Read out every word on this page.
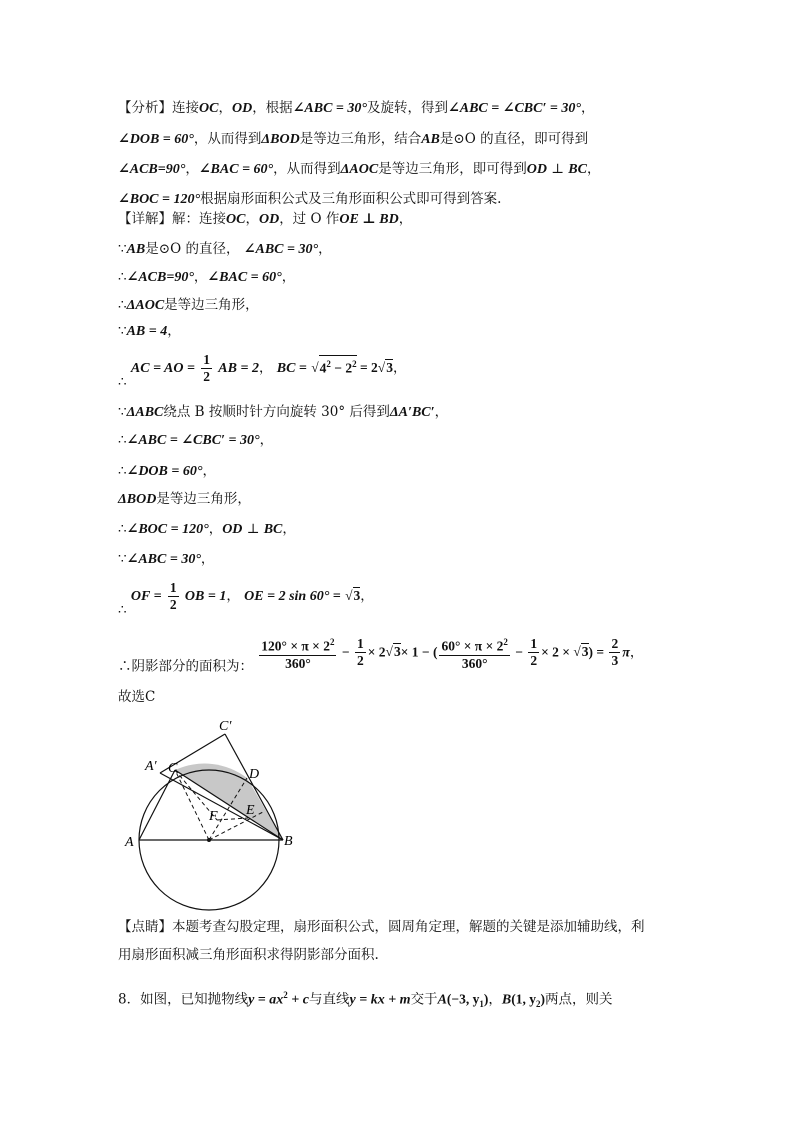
【分析】连接OC，OD，根据∠ABC = 30°及旋转，得到∠ABC = ∠CBC′ = 30°，
∠DOB = 60°，从而得到ΔBOD是等边三角形，结合AB是⊙O 的直径，即可得到
∠ACB=90°，∠BAC = 60°，从而得到ΔAOC是等边三角形，即可得到OD ⊥ BC，
∠BOC = 120°根据扇形面积公式及三角形面积公式即可得到答案.
【详解】解：连接OC，OD，过 O 作OE ⊥ BD，
∵AB是⊙O 的直径， ∠ABC = 30°，
∴∠ACB=90°，∠BAC = 60°，
∴ΔAOC是等边三角形，
∵AB = 4，
∴ AC = AO = $\frac{1}{2}$ AB = 2， BC = $√4^2 - 2^2 = 2√3$，
∵ΔABC绕点 B 按顺时针方向旋转 30° 后得到ΔA′BC′，
∴∠ABC = ∠CBC′ = 30°，
∴∠DOB = 60°，
ΔBOD是等边三角形，
∴∠BOC = 120°，OD ⊥ BC，
∵∠ABC = 30°，
∴ OF = $\frac{1}{2}$ OB = 1， OE = 2 sin 60° = √3，
∴阴影部分的面积为： $\frac{120^\circ \times \pi \times 2^2}{360^\circ} - \frac{1}{2} \times 2√3\times 1$ − ( $\frac{60^\circ \times \pi \times 2^2}{360^\circ} - \frac{1}{2} \times 2 \times √3) = \frac{2}{3}$ π，
故选C
C′
A′ C	D
E
F
A	B
【点睛】本题考查勾股定理，扇形面积公式，圆周角定理，解题的关键是添加辅助线，利
用扇形面积减三角形面积求得阴影部分面积.
8．如图，已知抛物线$y = ax^2 + c$与直线y = kx + m交于A(−3, $y_1$)，B(1, $y_2$)两点，则关
